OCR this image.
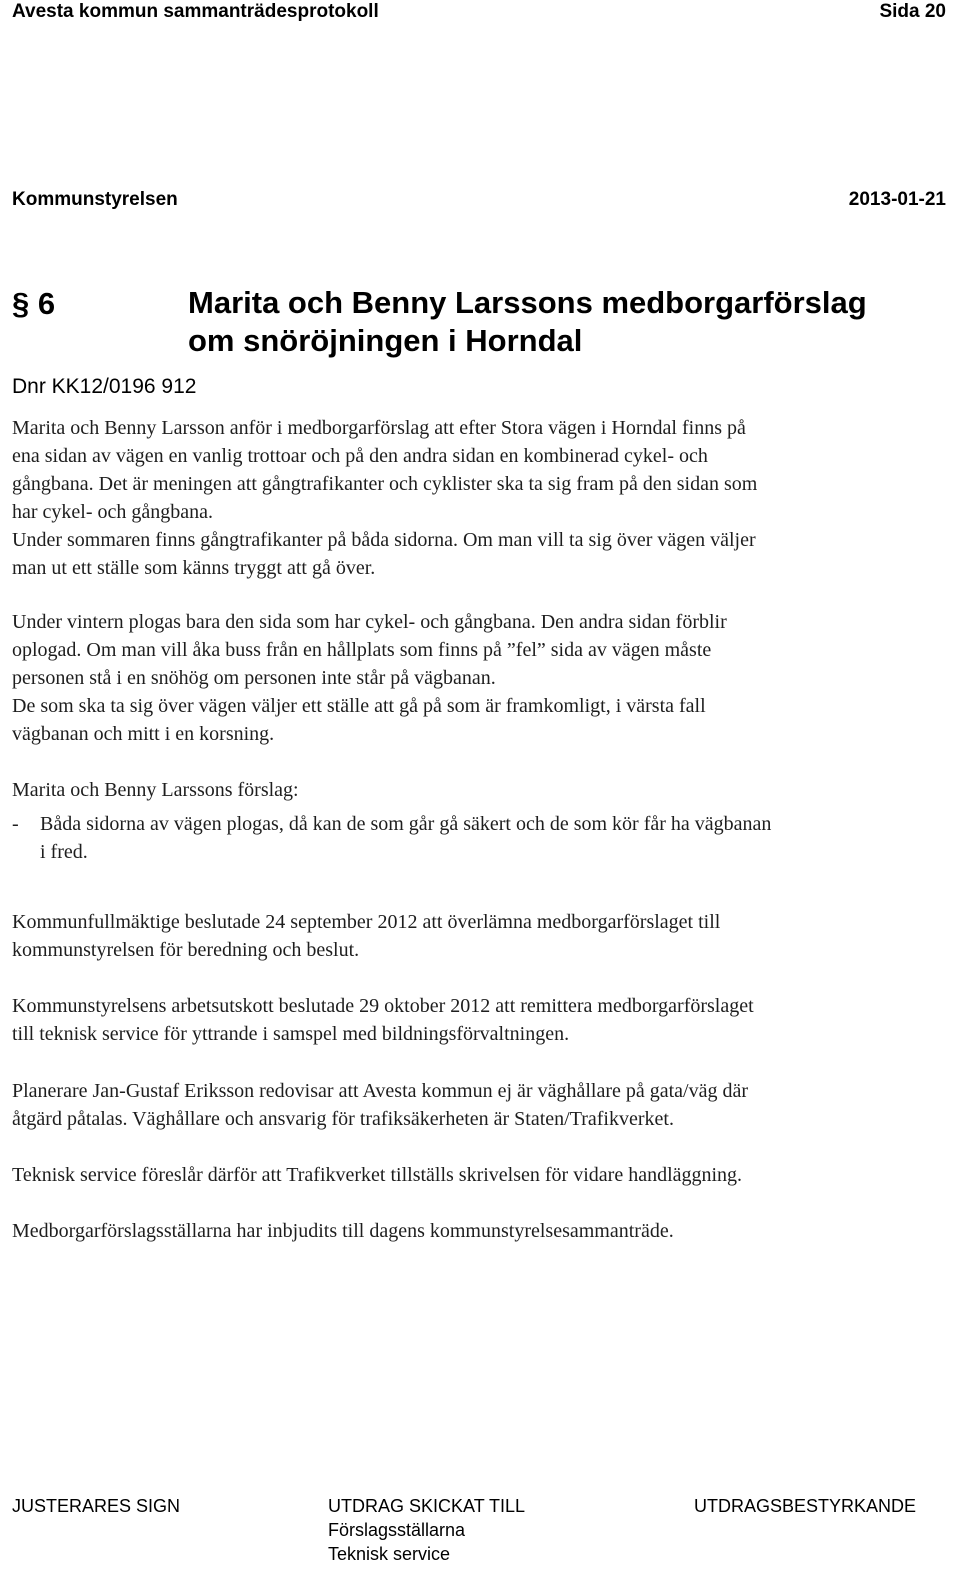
Avesta kommun sammanträdesprotokoll	Sida 20
Kommunstyrelsen	2013-01-21
§ 6	Marita och Benny Larssons medborgarförslag
om snöröjningen i Horndal
Dnr KK12/0196 912

Marita och Benny Larsson anför i medborgarförslag att efter Stora vägen i Horndal finns på

ena sidan av vägen en vanlig trottoar och på den andra sidan en kombinerad cykel- och

gångbana. Det är meningen att gångtrafikanter och cyklister ska ta sig fram på den sidan som

har cykel- och gångbana.

Under sommaren finns gångtrafikanter på båda sidorna. Om man vill ta sig över vägen väljer

man ut ett ställe som känns tryggt att gå över.

Under vintern plogas bara den sida som har cykel- och gångbana. Den andra sidan förblir

oplogad. Om man vill åka buss från en hållplats som finns på ”fel” sida av vägen måste

personen stå i en snöhög om personen inte står på vägbanan.

De som ska ta sig över vägen väljer ett ställe att gå på som är framkomligt, i värsta fall

vägbanan och mitt i en korsning.

Marita och Benny Larssons förslag:

-	Båda sidorna av vägen plogas, då kan de som går gå säkert och de som kör får ha vägbanan

i fred.

Kommunfullmäktige beslutade 24 september 2012 att överlämna medborgarförslaget till

kommunstyrelsen för beredning och beslut.

Kommunstyrelsens arbetsutskott beslutade 29 oktober 2012 att remittera medborgarförslaget

till teknisk service för yttrande i samspel med bildningsförvaltningen.

Planerare Jan-Gustaf Eriksson redovisar att Avesta kommun ej är väghållare på gata/väg där

åtgärd påtalas. Väghållare och ansvarig för trafiksäkerheten är Staten/Trafikverket.

Teknisk service föreslår därför att Trafikverket tillställs skrivelsen för vidare handläggning.

Medborgarförslagsställarna har inbjudits till dagens kommunstyrelsesammanträde.

JUSTERARES SIGN	UTDRAG SKICKAT TILL
Förslagsställarna
Teknisk service
UTDRAGSBESTYRKANDE
